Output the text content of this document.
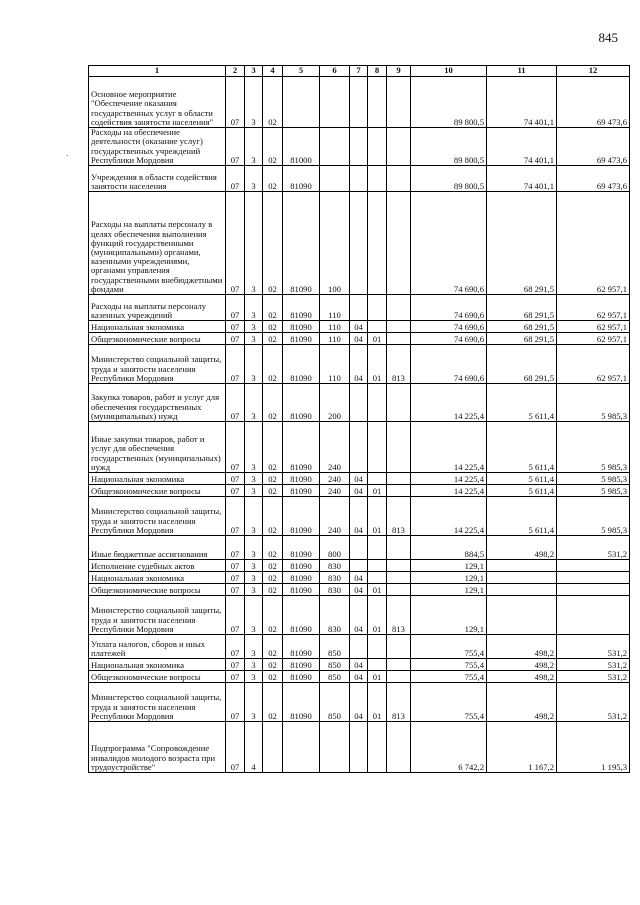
845
.
1	2	3	4	5	6	7	8	9	10	11	12
Основное мероприятие "Обеспечение оказания государственных услуг в области содействия занятости населения"	07	3	02						89 800,5	74 401,1	69 473,6
Расходы на обеспечение деятельности (оказание услуг) государственных учреждений Республики Мордовия	07	3	02	81000					89 800,5	74 401,1	69 473,6
Учреждения в области содействия занятости населения	07	3	02	81090					89 800,5	74 401,1	69 473,6
Расходы на выплаты персоналу в целях обеспечения выполнения функций государственными (муниципальными) органами, казенными учреждениями, органами управления государственными внебюджетными фондами	07	3	02	81090	100				74 690,6	68 291,5	62 957,1
Расходы на выплаты персоналу казенных учреждений	07	3	02	81090	110				74 690,6	68 291,5	62 957,1
Национальная экономика	07	3	02	81090	110	04			74 690,6	68 291,5	62 957,1
Общеэкономические вопросы	07	3	02	81090	110	04	01		74 690,6	68 291,5	62 957,1
Министерство социальной защиты, труда и занятости населения Республики Мордовия	07	3	02	81090	110	04	01	813	74 690,6	68 291,5	62 957,1
Закупка товаров, работ и услуг для обеспечения государственных (муниципальных) нужд	07	3	02	81090	200				14 225,4	5 611,4	5 985,3
Иные закупки товаров, работ и услуг для обеспечения государственных (муниципальных) нужд	07	3	02	81090	240				14 225,4	5 611,4	5 985,3
Национальная экономика	07	3	02	81090	240	04			14 225,4	5 611,4	5 985,3
Общеэкономические вопросы	07	3	02	81090	240	04	01		14 225,4	5 611,4	5 985,3
Министерство социальной защиты, труда и занятости населения Республики Мордовия	07	3	02	81090	240	04	01	813	14 225,4	5 611,4	5 985,3
Иные бюджетные ассигнования	07	3	02	81090	800				884,5	498,2	531,2
Исполнение судебных актов	07	3	02	81090	830				129,1		
Национальная экономика	07	3	02	81090	830	04			129,1		
Общеэкономические вопросы	07	3	02	81090	830	04	01		129,1		
Министерство социальной защиты, труда и занятости населения Республики Мордовия	07	3	02	81090	830	04	01	813	129,1		
Уплата налогов, сборов и иных платежей	07	3	02	81090	850				755,4	498,2	531,2
Национальная экономика	07	3	02	81090	850	04			755,4	498,2	531,2
Общеэкономические вопросы	07	3	02	81090	850	04	01		755,4	498,2	531,2
Министерство социальной защиты, труда и занятости населения Республики Мордовия	07	3	02	81090	850	04	01	813	755,4	498,2	531,2
Подпрограмма "Сопровождение инвалидов молодого возраста при трудоустройстве"	07	4							6 742,2	1 167,2	1 195,3
